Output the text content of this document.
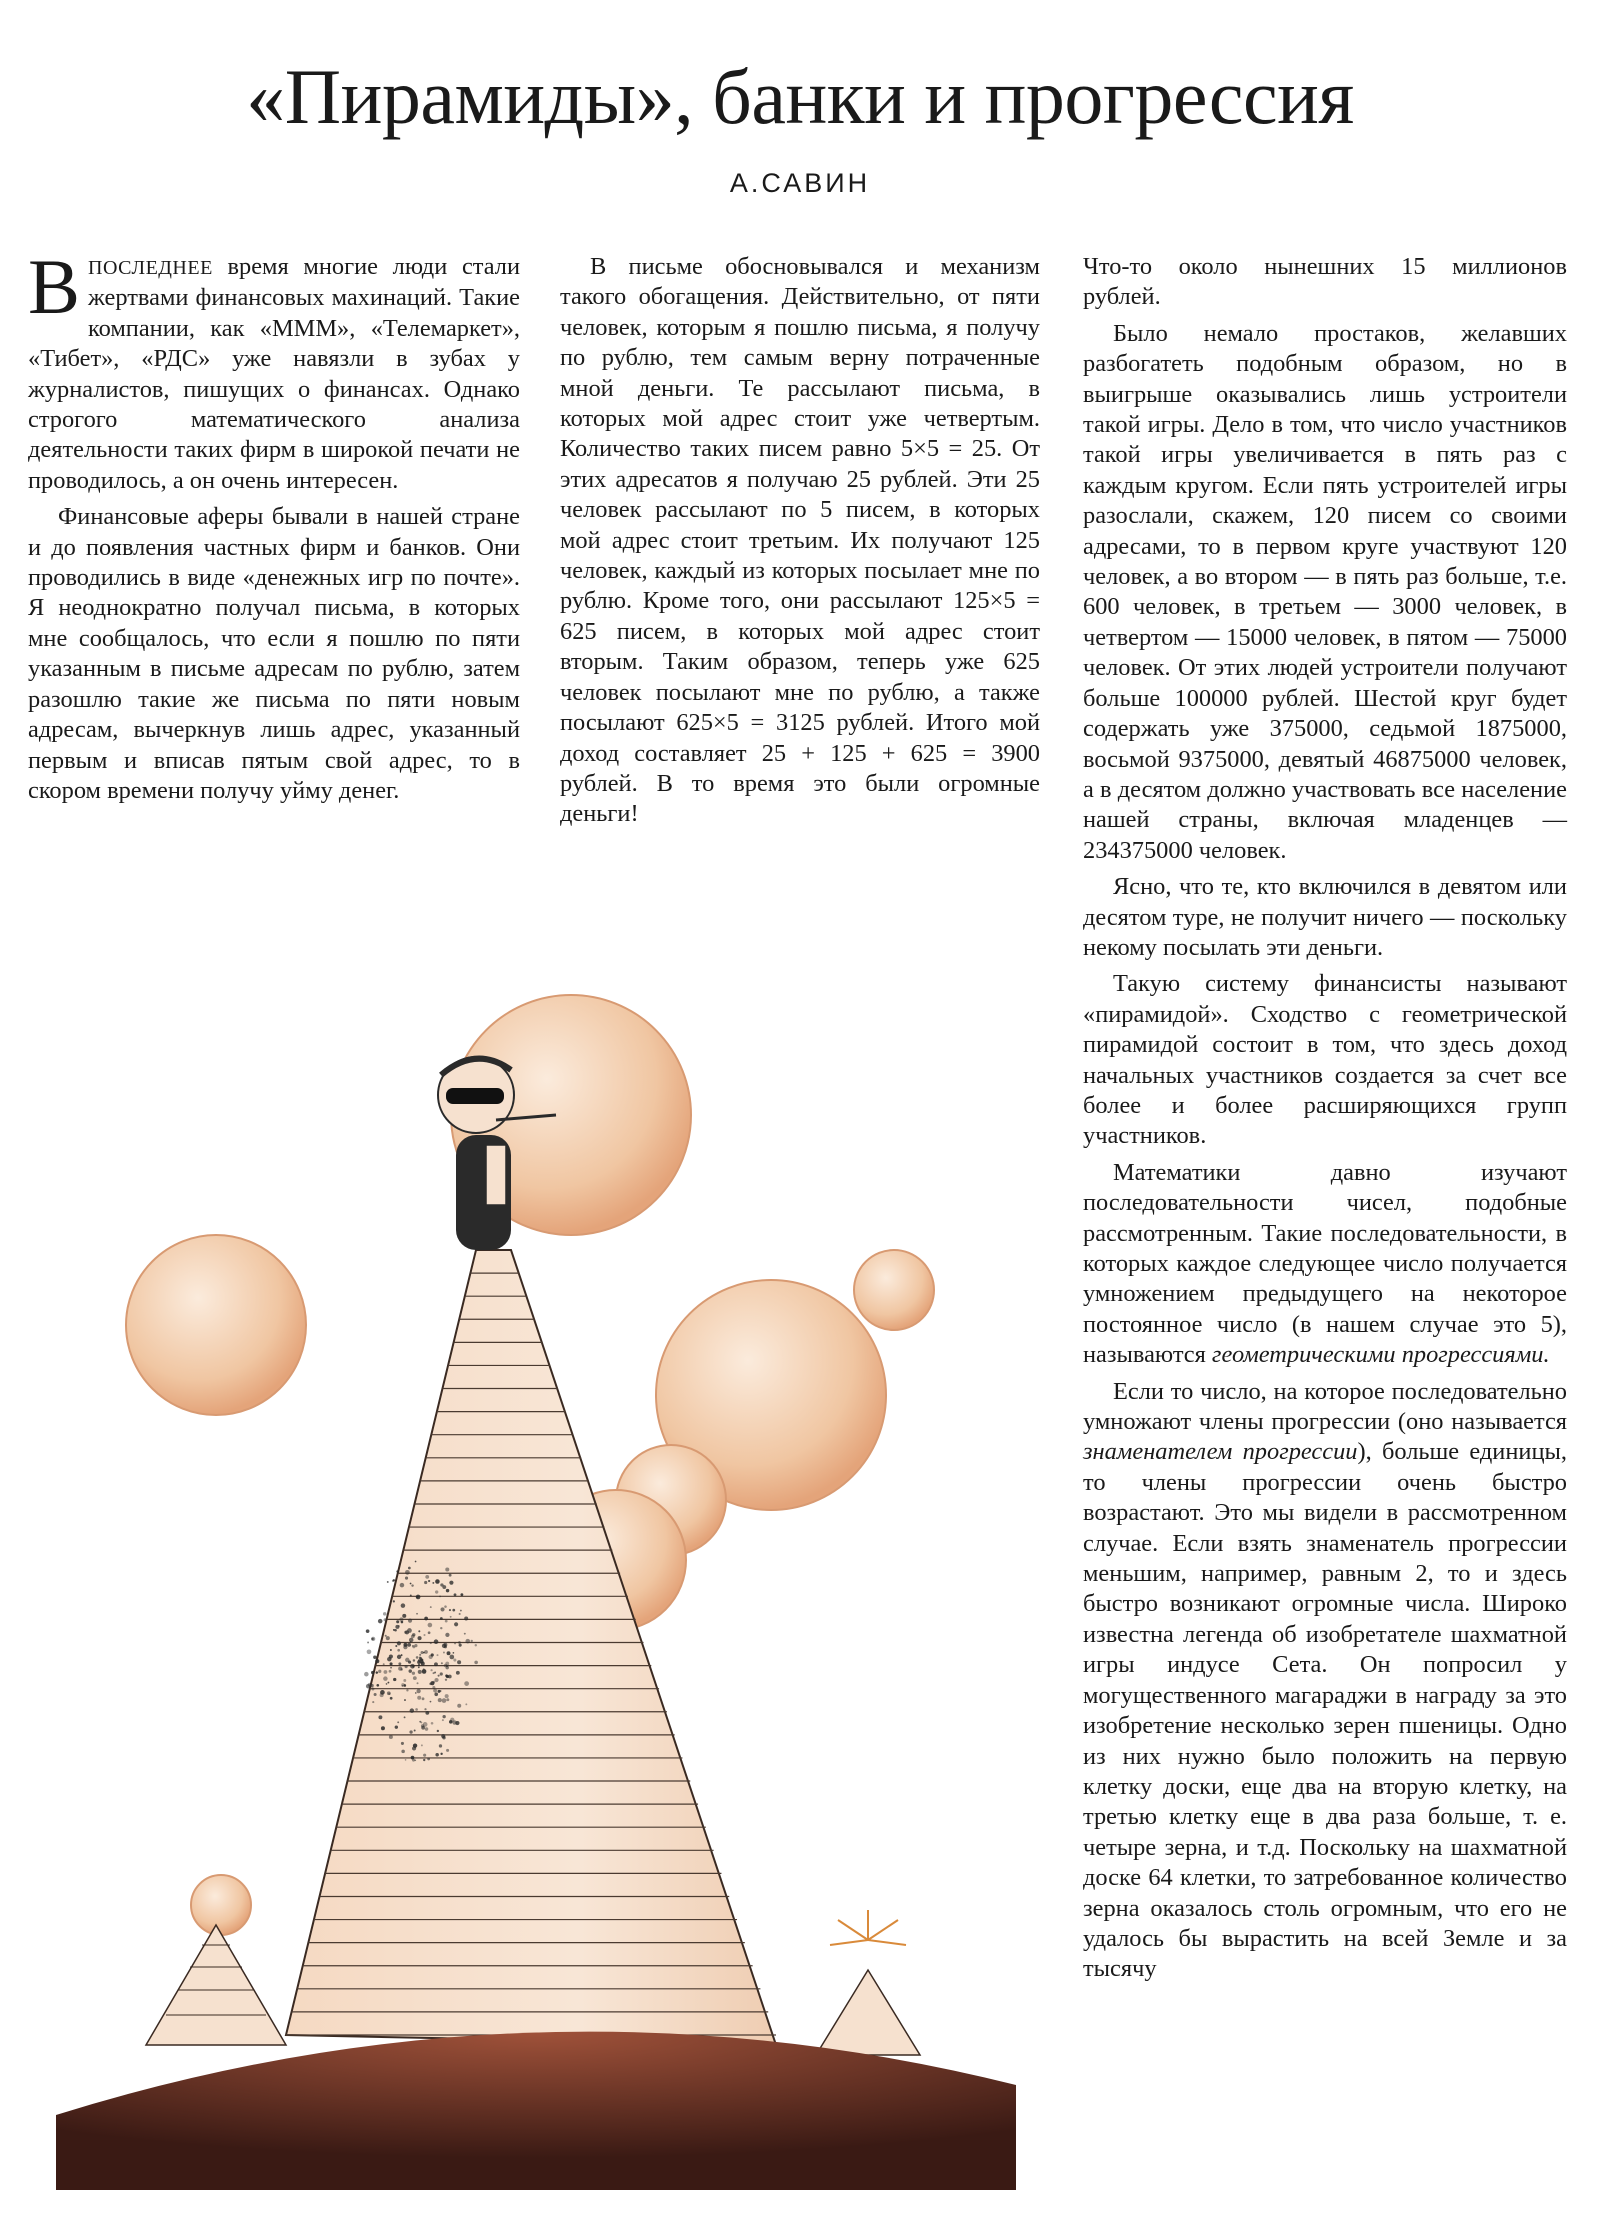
«Пирамиды», банки и прогрессия
А.САВИН

ВПОСЛЕДНЕЕ время многие люди стали жертвами финансовых махинаций. Такие компании, как «МММ», «Телемаркет», «Тибет», «РДС» уже навязли в зубах у журналистов, пишущих о финансах. Однако строгого математического анализа деятельности таких фирм в широкой печати не проводилось, а он очень интересен.

Финансовые аферы бывали в нашей стране и до появления частных фирм и банков. Они проводились в виде «денежных игр по почте». Я неоднократно получал письма, в которых мне сообщалось, что если я пошлю по пяти указанным в письме адресам по рублю, затем разошлю такие же письма по пяти новым адресам, вычеркнув лишь адрес, указанный первым и вписав пятым свой адрес, то в скором времени получу уйму денег.

В письме обосновывался и механизм такого обогащения. Действительно, от пяти человек, которым я пошлю письма, я получу по рублю, тем самым верну потраченные мной деньги. Те рассылают письма, в которых мой адрес стоит уже четвертым. Количество таких писем равно 5×5 = 25. От этих адресатов я получаю 25 рублей. Эти 25 человек рассылают по 5 писем, в которых мой адрес стоит третьим. Их получают 125 человек, каждый из которых посылает мне по рублю. Кроме того, они рассылают 125×5 = 625 писем, в которых мой адрес стоит вторым. Таким образом, теперь уже 625 человек посылают мне по рублю, а также посылают 625×5 = 3125 рублей. Итого мой доход составляет 25 + 125 + 625 = 3900 рублей. В то время это были огромные деньги!

Что-то около нынешних 15 миллионов рублей.

Было немало простаков, желавших разбогатеть подобным образом, но в выигрыше оказывались лишь устроители такой игры. Дело в том, что число участников такой игры увеличивается в пять раз с каждым кругом. Если пять устроителей игры разослали, скажем, 120 писем со своими адресами, то в первом круге участвуют 120 человек, а во втором — в пять раз больше, т.е. 600 человек, в третьем — 3000 человек, в четвертом — 15000 человек, в пятом — 75000 человек. От этих людей устроители получают больше 100000 рублей. Шестой круг будет содержать уже 375000, седьмой 1875000, восьмой 9375000, девятый 46875000 человек, а в десятом должно участвовать все население нашей страны, включая младенцев — 234375000 человек.

Ясно, что те, кто включился в девятом или десятом туре, не получит ничего — поскольку некому посылать эти деньги.

Такую систему финансисты называют «пирамидой». Сходство с геометрической пирамидой состоит в том, что здесь доход начальных участников создается за счет все более и более расширяющихся групп участников.

Математики давно изучают последовательности чисел, подобные рассмотренным. Такие последовательности, в которых каждое следующее число получается умножением предыдущего на некоторое постоянное число (в нашем случае это 5), называются геометрическими прогрессиями.

Если то число, на которое последовательно умножают члены прогрессии (оно называется знаменателем прогрессии), больше единицы, то члены прогрессии очень быстро возрастают. Это мы видели в рассмотренном случае. Если взять знаменатель прогрессии меньшим, например, равным 2, то и здесь быстро возникают огромные числа. Широко известна легенда об изобретателе шахматной игры индусе Сета. Он попросил у могущественного магараджи в награду за это изобретение несколько зерен пшеницы. Одно из них нужно было положить на первую клетку доски, еще два на вторую клетку, на третью клетку еще в два раза больше, т. е. четыре зерна, и т.д. Поскольку на шахматной доске 64 клетки, то затребованное количество зерна оказалось столь огромным, что его не удалось бы вырастить на всей Земле и за тысячу
